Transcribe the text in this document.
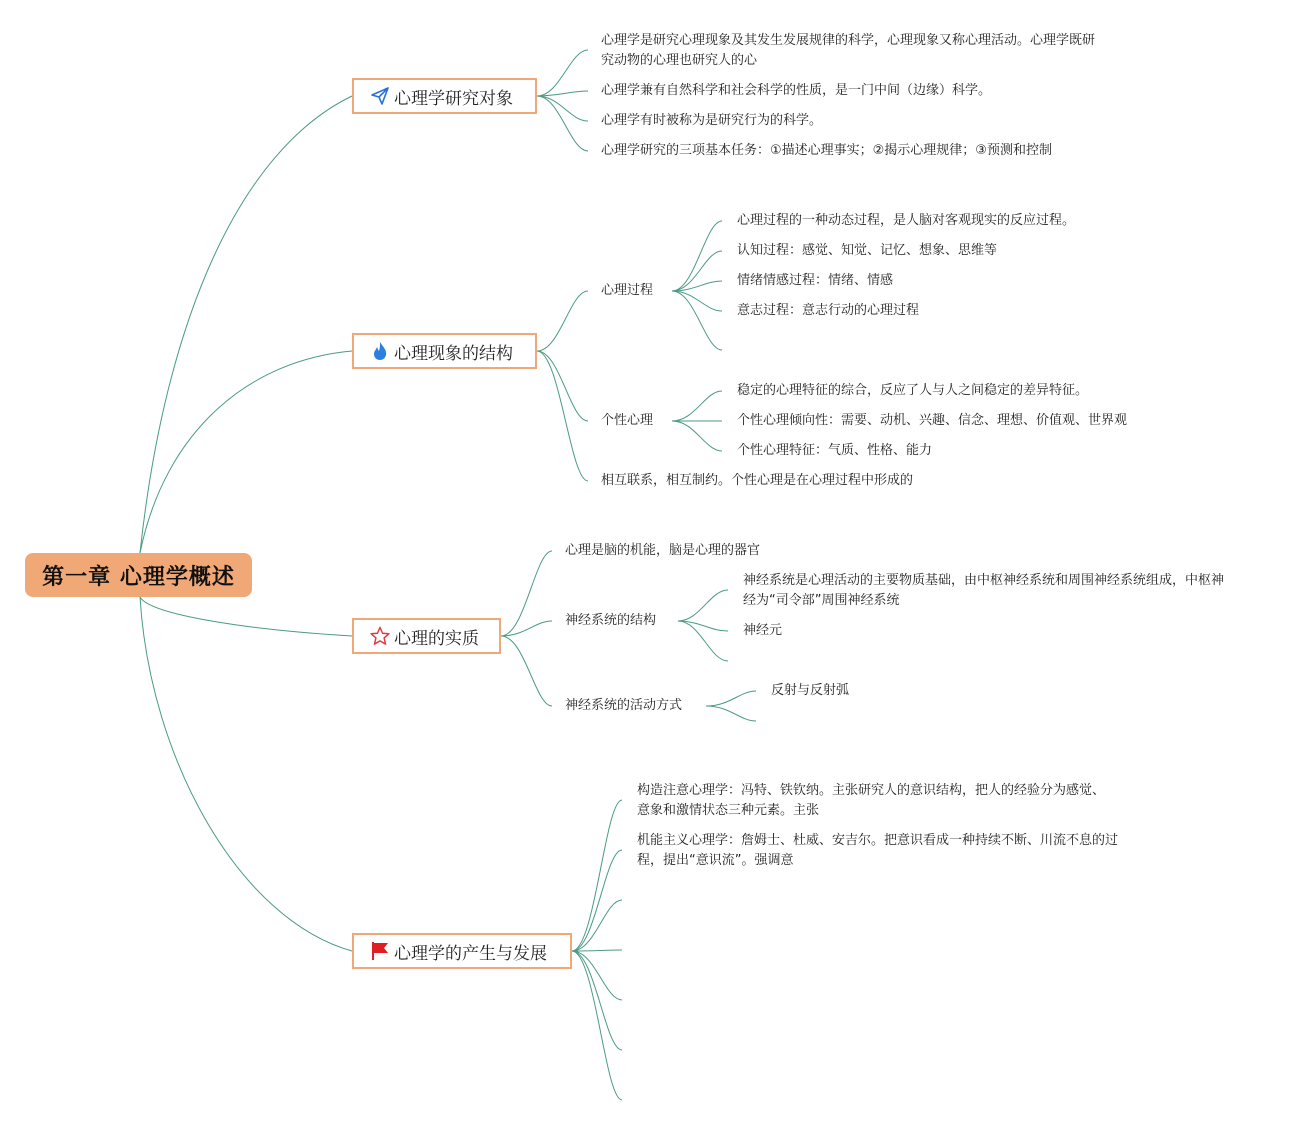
第一章 心理学概述
心理学研究对象
心理学是研究心理现象及其发生发展规律的科学，心理现象又称心理活动。心理学既研究动物的心理也研究人的心
心理学兼有自然科学和社会科学的性质，是一门中间（边缘）科学。
心理学有时被称为是研究行为的科学。
心理学研究的三项基本任务：①描述心理事实；②揭示心理规律；③预测和控制
心理现象的结构
心理过程
心理过程的一种动态过程，是人脑对客观现实的反应过程。
认知过程：感觉、知觉、记忆、想象、思维等
情绪情感过程：情绪、情感
意志过程：意志行动的心理过程
个性心理
稳定的心理特征的综合，反应了人与人之间稳定的差异特征。
个性心理倾向性：需要、动机、兴趣、信念、理想、价值观、世界观
个性心理特征：气质、性格、能力
相互联系，相互制约。个性心理是在心理过程中形成的
心理的实质
心理是脑的机能，脑是心理的器官
神经系统的结构
神经系统是心理活动的主要物质基础，由中枢神经系统和周围神经系统组成，中枢神经为“司令部”周围神经系统
神经元
神经系统的活动方式
反射与反射弧
心理学的产生与发展
构造注意心理学：冯特、铁钦纳。主张研究人的意识结构，把人的经验分为感觉、意象和激情状态三种元素。主张
机能主义心理学：詹姆士、杜威、安吉尔。把意识看成一种持续不断、川流不息的过程，提出“意识流”。强调意
